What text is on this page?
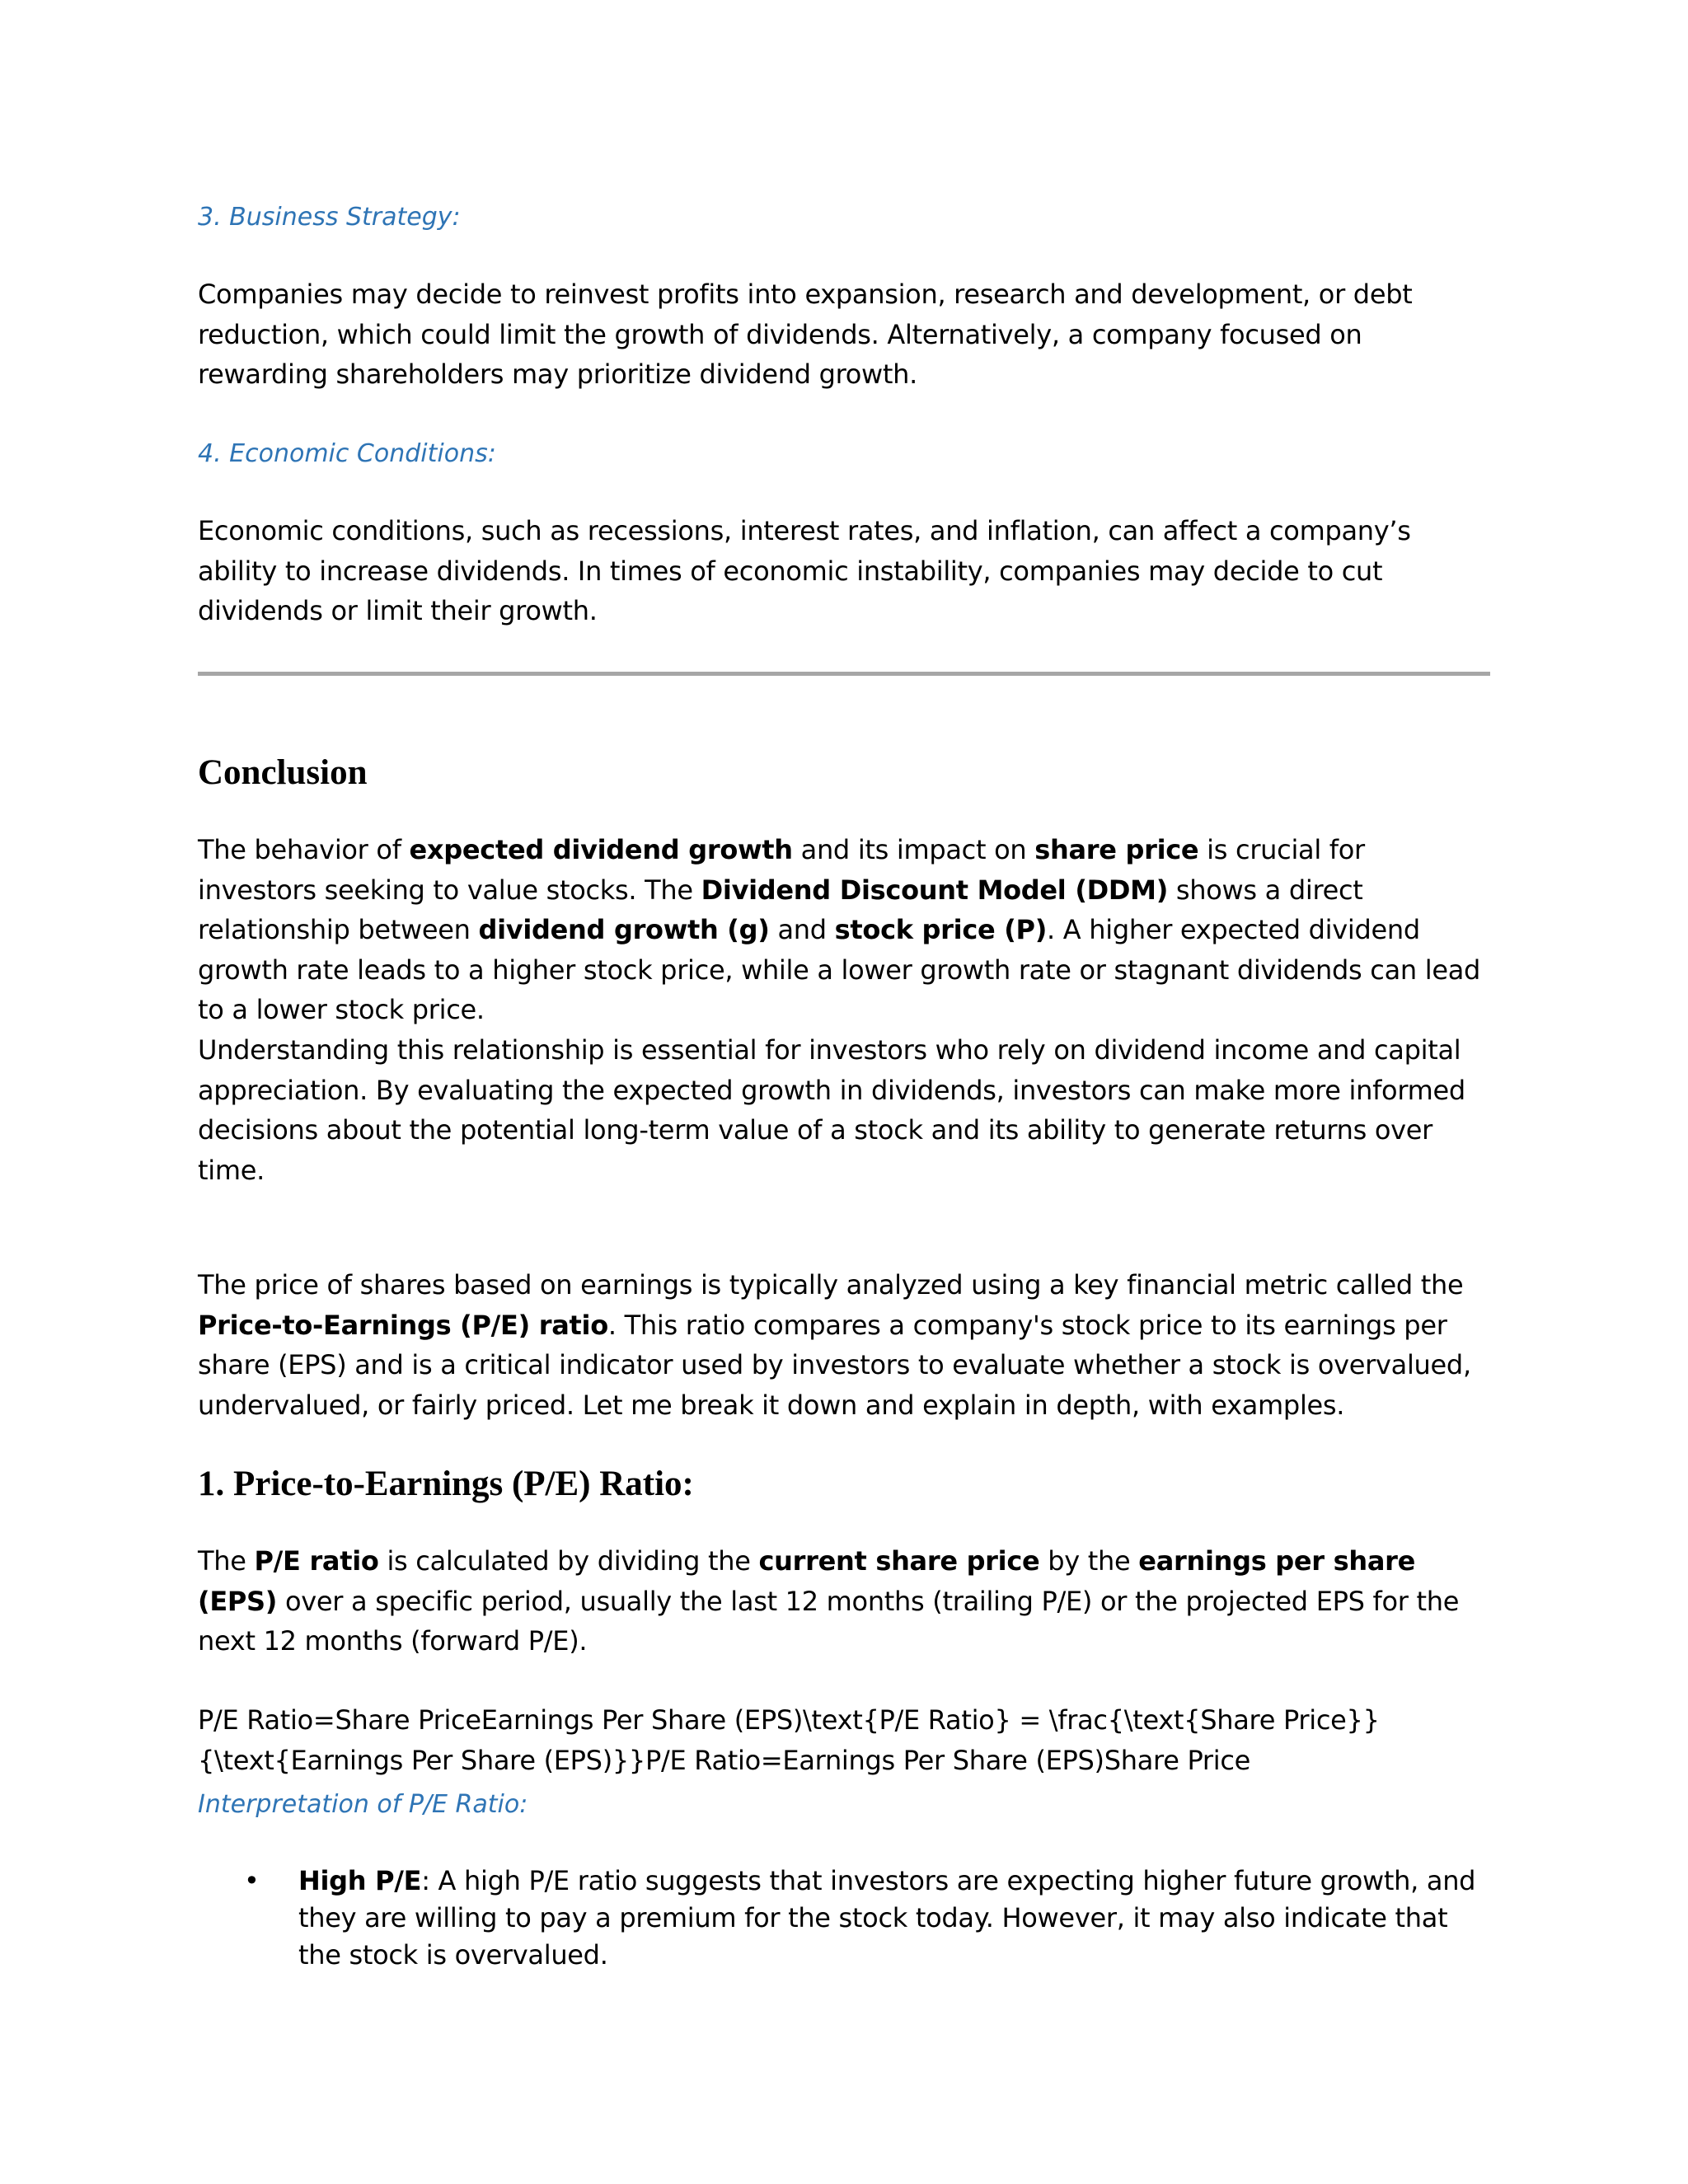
3. Business Strategy:

Companies may decide to reinvest profits into expansion, research and development, or debt reduction, which could limit the growth of dividends. Alternatively, a company focused on rewarding shareholders may prioritize dividend growth.

4. Economic Conditions:

Economic conditions, such as recessions, interest rates, and inflation, can affect a company’s ability to increase dividends. In times of economic instability, companies may decide to cut dividends or limit their growth.

Conclusion

The behavior of expected dividend growth and its impact on share price is crucial for investors seeking to value stocks. The Dividend Discount Model (DDM) shows a direct relationship between dividend growth (g) and stock price (P). A higher expected dividend growth rate leads to a higher stock price, while a lower growth rate or stagnant dividends can lead to a lower stock price.

Understanding this relationship is essential for investors who rely on dividend income and capital appreciation. By evaluating the expected growth in dividends, investors can make more informed decisions about the potential long-term value of a stock and its ability to generate returns over time.

The price of shares based on earnings is typically analyzed using a key financial metric called the Price-to-Earnings (P/E) ratio. This ratio compares a company's stock price to its earnings per share (EPS) and is a critical indicator used by investors to evaluate whether a stock is overvalued, undervalued, or fairly priced. Let me break it down and explain in depth, with examples.

1. Price-to-Earnings (P/E) Ratio:

The P/E ratio is calculated by dividing the current share price by the earnings per share (EPS) over a specific period, usually the last 12 months (trailing P/E) or the projected EPS for the next 12 months (forward P/E).

P/E Ratio=Share PriceEarnings Per Share (EPS)\text{P/E Ratio} = \frac{\text{Share Price}}{\text{Earnings Per Share (EPS)}}P/E Ratio=Earnings Per Share (EPS)Share Price

Interpretation of P/E Ratio:

• High P/E: A high P/E ratio suggests that investors are expecting higher future growth, and they are willing to pay a premium for the stock today. However, it may also indicate that the stock is overvalued.
